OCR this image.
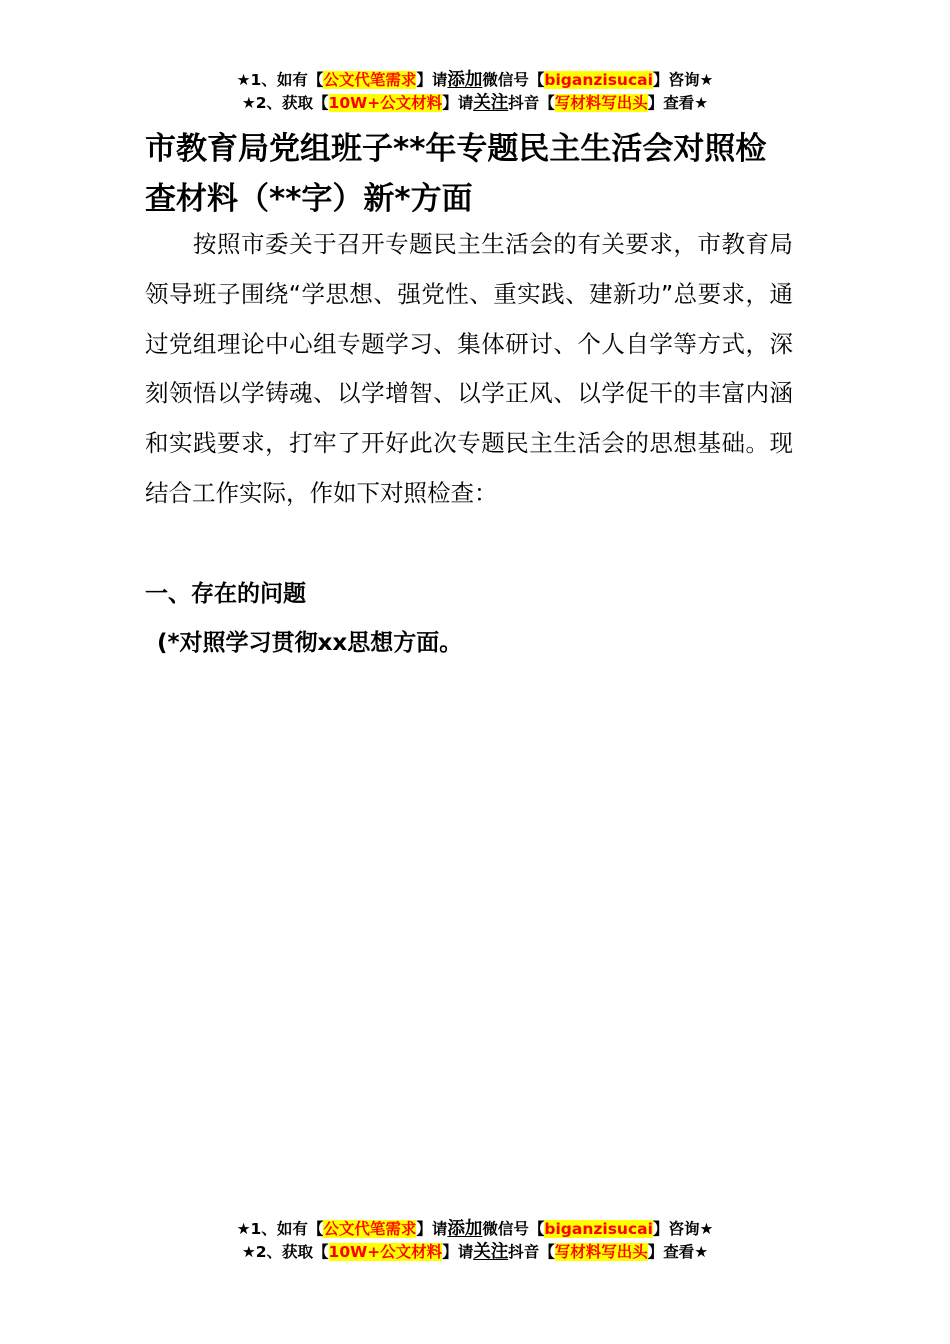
★1、如有【公文代笔需求】请添加微信号【biganzisucai】咨询★
★2、获取【10W+公文材料】请关注抖音【写材料写出头】查看★
市教育局党组班子**年专题民主生活会对照检查材料（**字）新*方面

按照市委关于召开专题民主生活会的有关要求，市教育局领导班子围绕“学思想、强党性、重实践、建新功”总要求，通过党组理论中心组专题学习、集体研讨、个人自学等方式，深刻领悟以学铸魂、以学增智、以学正风、以学促干的丰富内涵和实践要求，打牢了开好此次专题民主生活会的思想基础。现结合工作实际，作如下对照检查：

一、存在的问题
(*对照学习贯彻xx思想方面。
★1、如有【公文代笔需求】请添加微信号【biganzisucai】咨询★
★2、获取【10W+公文材料】请关注抖音【写材料写出头】查看★
